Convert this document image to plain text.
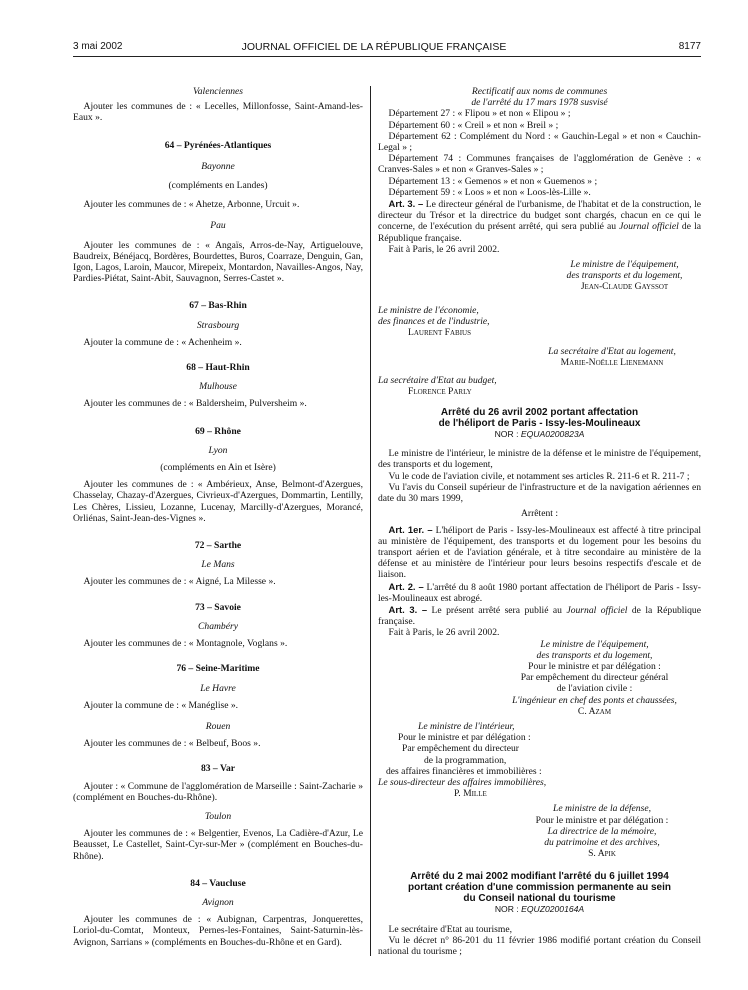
3 mai 2002	JOURNAL OFFICIEL DE LA RÉPUBLIQUE FRANÇAISE	8177

Valenciennes

Ajouter les communes de : « Lecelles, Millonfosse, Saint-Amand-les-Eaux ».

64 – Pyrénées-Atlantiques

Bayonne

(compléments en Landes)

Ajouter les communes de : « Ahetze, Arbonne, Urcuit ».

Pau

Ajouter les communes de : « Angaïs, Arros-de-Nay, Artiguelouve, Baudreix, Bénéjacq, Bordères, Bourdettes, Buros, Coarraze, Denguin, Gan, Igon, Lagos, Laroin, Maucor, Mirepeix, Montardon, Navailles-Angos, Nay, Pardies-Piétat, Saint-Abit, Sauvagnon, Serres-Castet ».

67 – Bas-Rhin

Strasbourg

Ajouter la commune de : « Achenheim ».

68 – Haut-Rhin

Mulhouse

Ajouter les communes de : « Baldersheim, Pulversheim ».

69 – Rhône

Lyon

(compléments en Ain et Isère)

Ajouter les communes de : « Ambérieux, Anse, Belmont-d'Azergues, Chasselay, Chazay-d'Azergues, Civrieux-d'Azergues, Dommartin, Lentilly, Les Chères, Lissieu, Lozanne, Lucenay, Marcilly-d'Azergues, Morancé, Orliénas, Saint-Jean-des-Vignes ».

72 – Sarthe

Le Mans

Ajouter les communes de : « Aigné, La Milesse ».

73 – Savoie

Chambéry

Ajouter les communes de : « Montagnole, Voglans ».

76 – Seine-Maritime

Le Havre

Ajouter la commune de : « Manéglise ».

Rouen

Ajouter les communes de : « Belbeuf, Boos ».

83 – Var

Ajouter : « Commune de l'agglomération de Marseille : Saint-Zacharie » (complément en Bouches-du-Rhône).

Toulon

Ajouter les communes de : « Belgentier, Evenos, La Cadière-d'Azur, Le Beausset, Le Castellet, Saint-Cyr-sur-Mer » (complément en Bouches-du-Rhône).

84 – Vaucluse

Avignon

Ajouter les communes de : « Aubignan, Carpentras, Jonquerettes, Loriol-du-Comtat, Monteux, Pernes-les-Fontaines, Saint-Saturnin-lès-Avignon, Sarrians » (compléments en Bouches-du-Rhône et en Gard).

Rectificatif aux noms de communes

de l'arrêté du 17 mars 1978 susvisé

Département 27 : « Flipou » et non « Elipou » ;

Département 60 : « Creil » et non « Breil » ;

Département 62 : Complément du Nord : « Gauchin-Legal » et non « Cauchin-Legal » ;

Département 74 : Communes françaises de l'agglomération de Genève : « Cranves-Sales » et non « Granves-Sales » ;

Département 13 : « Gemenos » et non « Guemenos » ;

Département 59 : « Loos » et non « Loos-lès-Lille ».

Art. 3. – Le directeur général de l'urbanisme, de l'habitat et de la construction, le directeur du Trésor et la directrice du budget sont chargés, chacun en ce qui le concerne, de l'exécution du présent arrêté, qui sera publié au Journal officiel de la République française.

Fait à Paris, le 26 avril 2002.

Le ministre de l'équipement,

des transports et du logement,

Jean-Claude Gayssot

Le ministre de l'économie,

des finances et de l'industrie,

Laurent Fabius

La secrétaire d'Etat au logement,

Marie-Noëlle Lienemann

La secrétaire d'Etat au budget,

Florence Parly

Arrêté du 26 avril 2002 portant affectation

de l'héliport de Paris - Issy-les-Moulineaux

NOR : EQUA0200823A

Le ministre de l'intérieur, le ministre de la défense et le ministre de l'équipement, des transports et du logement,

Vu le code de l'aviation civile, et notamment ses articles R. 211-6 et R. 211-7 ;

Vu l'avis du Conseil supérieur de l'infrastructure et de la navigation aériennes en date du 30 mars 1999,

Arrêtent :

Art. 1er. – L'héliport de Paris - Issy-les-Moulineaux est affecté à titre principal au ministère de l'équipement, des transports et du logement pour les besoins du transport aérien et de l'aviation générale, et à titre secondaire au ministère de la défense et au ministère de l'intérieur pour leurs besoins respectifs d'escale et de liaison.

Art. 2. – L'arrêté du 8 août 1980 portant affectation de l'héliport de Paris - Issy-les-Moulineaux est abrogé.

Art. 3. – Le présent arrêté sera publié au Journal officiel de la République française.

Fait à Paris, le 26 avril 2002.

Le ministre de l'équipement,

des transports et du logement,

Pour le ministre et par délégation :

Par empêchement du directeur général

de l'aviation civile :

L'ingénieur en chef des ponts et chaussées,

C. Azam

Le ministre de l'intérieur,

Pour le ministre et par délégation :

Par empêchement du directeur

de la programmation,

des affaires financières et immobilières :

Le sous-directeur des affaires immobilières,

P. Mille

Le ministre de la défense,

Pour le ministre et par délégation :

La directrice de la mémoire,

du patrimoine et des archives,

S. Apik

Arrêté du 2 mai 2002 modifiant l'arrêté du 6 juillet 1994

portant création d'une commission permanente au sein

du Conseil national du tourisme

NOR : EQUZ0200164A

Le secrétaire d'Etat au tourisme,

Vu le décret n° 86-201 du 11 février 1986 modifié portant création du Conseil national du tourisme ;
